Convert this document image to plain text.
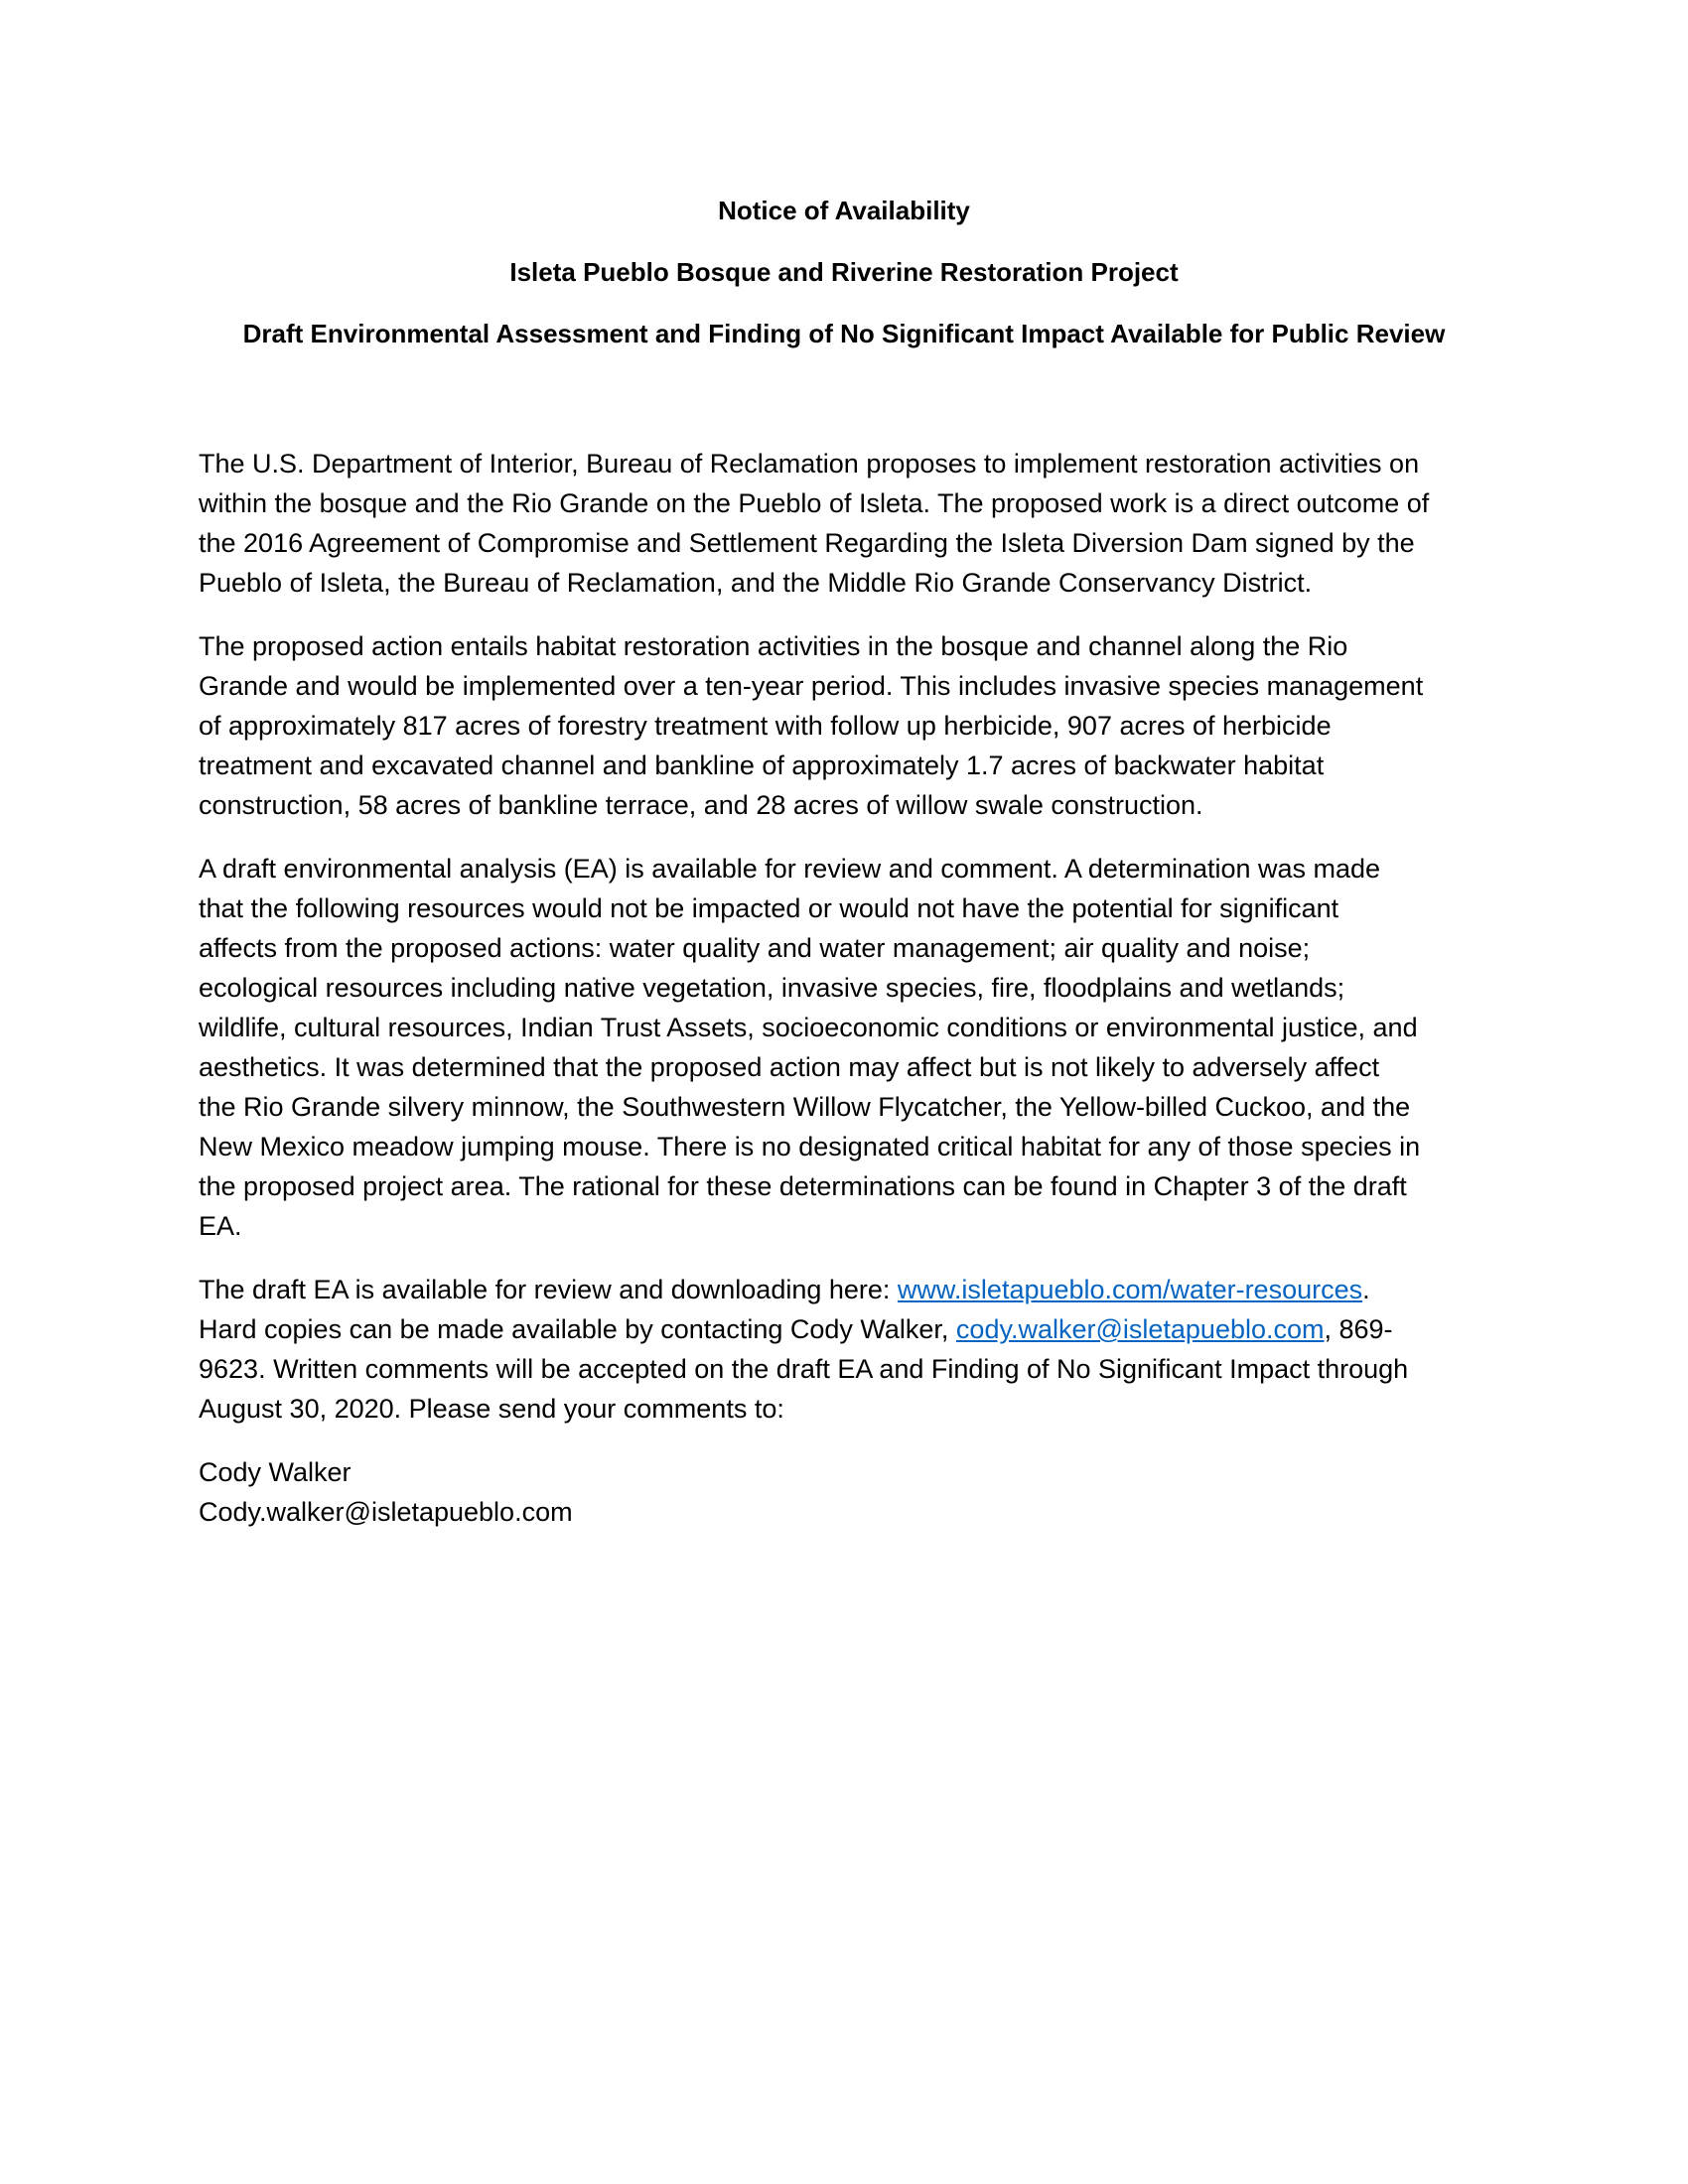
Notice of Availability
Isleta Pueblo Bosque and Riverine Restoration Project
Draft Environmental Assessment and Finding of No Significant Impact Available for Public Review
The U.S. Department of Interior, Bureau of Reclamation proposes to implement restoration activities on
within the bosque and the Rio Grande on the Pueblo of Isleta. The proposed work is a direct outcome of
the 2016 Agreement of Compromise and Settlement Regarding the Isleta Diversion Dam signed by the
Pueblo of Isleta, the Bureau of Reclamation, and the Middle Rio Grande Conservancy District.
The proposed action entails habitat restoration activities in the bosque and channel along the Rio
Grande and would be implemented over a ten-year period. This includes invasive species management
of approximately 817 acres of forestry treatment with follow up herbicide, 907 acres of herbicide
treatment and excavated channel and bankline of approximately 1.7 acres of backwater habitat
construction, 58 acres of bankline terrace, and 28 acres of willow swale construction.
A draft environmental analysis (EA) is available for review and comment. A determination was made
that the following resources would not be impacted or would not have the potential for significant
affects from the proposed actions: water quality and water management; air quality and noise;
ecological resources including native vegetation, invasive species, fire, floodplains and wetlands;
wildlife, cultural resources, Indian Trust Assets, socioeconomic conditions or environmental justice, and
aesthetics. It was determined that the proposed action may affect but is not likely to adversely affect
the Rio Grande silvery minnow, the Southwestern Willow Flycatcher, the Yellow-billed Cuckoo, and the
New Mexico meadow jumping mouse. There is no designated critical habitat for any of those species in
the proposed project area. The rational for these determinations can be found in Chapter 3 of the draft
EA.
The draft EA is available for review and downloading here: www.isletapueblo.com/water-resources.
Hard copies can be made available by contacting Cody Walker, cody.walker@isletapueblo.com, 869-
9623. Written comments will be accepted on the draft EA and Finding of No Significant Impact through
August 30, 2020. Please send your comments to:
Cody Walker
Cody.walker@isletapueblo.com
